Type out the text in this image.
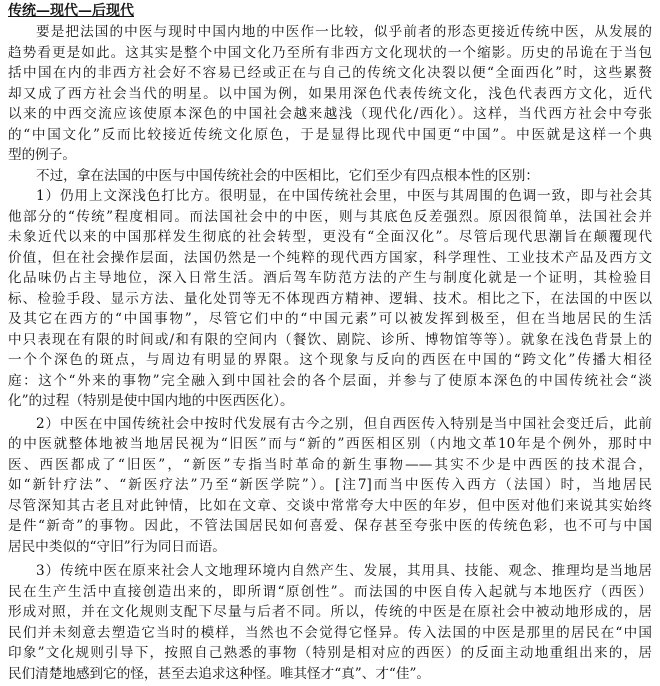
传统—现代—后现代
要是把法国的中医与现时中国内地的中医作一比较，似乎前者的形态更接近传统中医，从发展的
趋势看更是如此。这其实是整个中国文化乃至所有非西方文化现状的一个缩影。历史的吊诡在于当包
括中国在内的非西方社会好不容易已经或正在与自己的传统文化决裂以便“全面西化”时，这些累赘
却又成了西方社会当代的明星。以中国为例，如果用深色代表传统文化，浅色代表西方文化，近代
以来的中西交流应该使原本深色的中国社会越来越浅（现代化/西化）。这样，当代西方社会中夸张
的“中国文化”反而比较接近传统文化原色，于是显得比现代中国更“中国”。中医就是这样一个典
型的例子。
不过，拿在法国的中医与中国传统社会的中医相比，它们至少有四点根本性的区别：
1）仍用上文深浅色打比方。很明显，在中国传统社会里，中医与其周围的色调一致，即与社会其
他部分的“传统”程度相同。而法国社会中的中医，则与其底色反差强烈。原因很简单，法国社会并
未象近代以来的中国那样发生彻底的社会转型，更没有“全面汉化”。尽管后现代思潮旨在颠覆现代
价值，但在社会操作层面，法国仍然是一个纯粹的现代西方国家，科学理性、工业技术产品及西方文
化品味仍占主导地位，深入日常生活。酒后驾车防范方法的产生与制度化就是一个证明，其检验目
标、检验手段、显示方法、量化处罚等无不体现西方精神、逻辑、技术。相比之下，在法国的中医以
及其它在西方的“中国事物”，尽管它们中的“中国元素”可以被发挥到极至，但在当地居民的生活
中只表现在有限的时间或/和有限的空间内（餐饮、剧院、诊所、博物馆等等）。就象在浅色背景上的
一个个深色的斑点，与周边有明显的界限。这个现象与反向的西医在中国的“跨文化”传播大相径
庭：这个“外来的事物”完全融入到中国社会的各个层面，并参与了使原本深色的中国传统社会“淡
化”的过程（特别是使中国内地的中医西医化）。
2）中医在中国传统社会中按时代发展有古今之别，但自西医传入特别是当中国社会变迁后，此前
的中医就整体地被当地居民视为“旧医”而与“新的”西医相区别（内地文革10年是个例外，那时中
医、西医都成了“旧医”，“新医”专指当时革命的新生事物——其实不少是中西医的技术混合，
如“新针疗法”、“新医疗法”乃至“新医学院”）。[注7]而当中医传入西方（法国）时，当地居民
尽管深知其古老且对此钟情，比如在文章、交谈中常常夸大中医的年岁，但中医对他们来说其实始终
是件“新奇”的事物。因此，不管法国居民如何喜爱、保存甚至夸张中医的传统色彩，也不可与中国
居民中类似的“守旧”行为同日而语。
3）传统中医在原来社会人文地理环境内自然产生、发展，其用具、技能、观念、推理均是当地居
民在生产生活中直接创造出来的，即所谓“原创性”。而法国的中医自传入起就与本地医疗（西医）
形成对照，并在文化规则支配下尽量与后者不同。所以，传统的中医是在原社会中被动地形成的，居
民们并未刻意去塑造它当时的模样，当然也不会觉得它怪异。传入法国的中医是那里的居民在“中国
印象”文化规则引导下，按照自己熟悉的事物（特别是相对应的西医）的反面主动地重组出来的，居
民们清楚地感到它的怪，甚至去追求这种怪。唯其怪才“真”、才“佳”。
